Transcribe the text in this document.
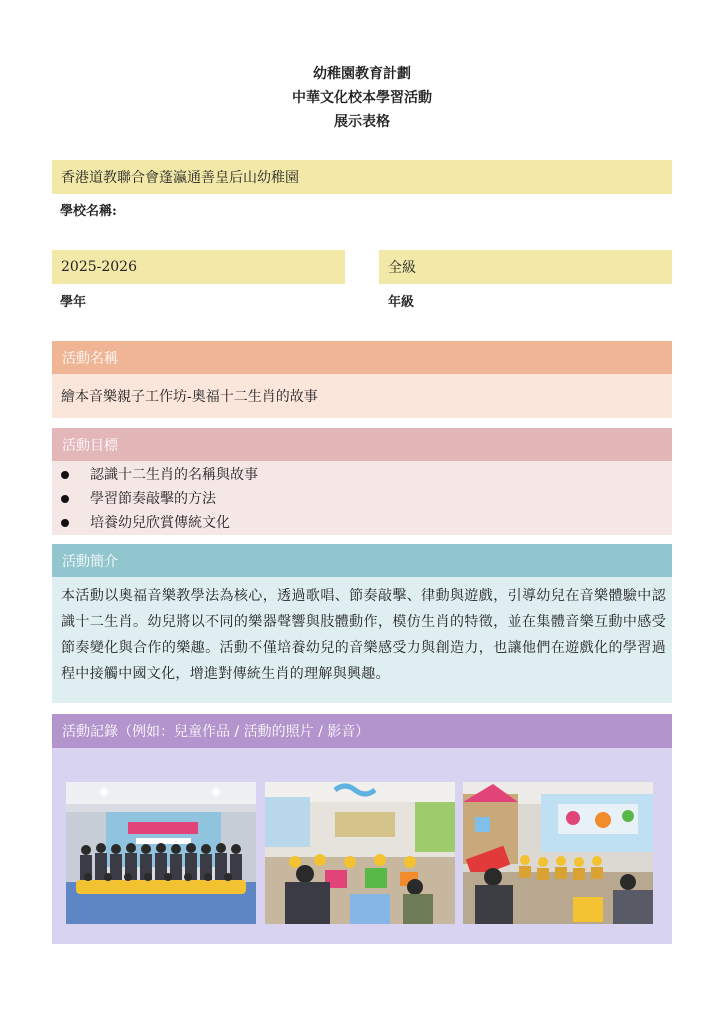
幼稚園教育計劃
中華文化校本學習活動
展示表格
香港道教聯合會蓬瀛通善皇后山幼稚園
學校名稱:
2025-2026
學年
全級
年級
活動名稱
繪本音樂親子工作坊-奧福十二生肖的故事
活動目標
認識十二生肖的名稱與故事
學習節奏敲擊的方法
培養幼兒欣賞傳統文化
活動簡介
本活動以奧福音樂教學法為核心，透過歌唱、節奏敲擊、律動與遊戲，引導幼兒在音樂體驗中認識十二生肖。幼兒將以不同的樂器聲響與肢體動作，模仿生肖的特徵，並在集體音樂互動中感受節奏變化與合作的樂趣。活動不僅培養幼兒的音樂感受力與創造力，也讓他們在遊戲化的學習過程中接觸中國文化，增進對傳統生肖的理解與興趣。
活動記錄（例如：兒童作品 / 活動的照片 / 影音）
